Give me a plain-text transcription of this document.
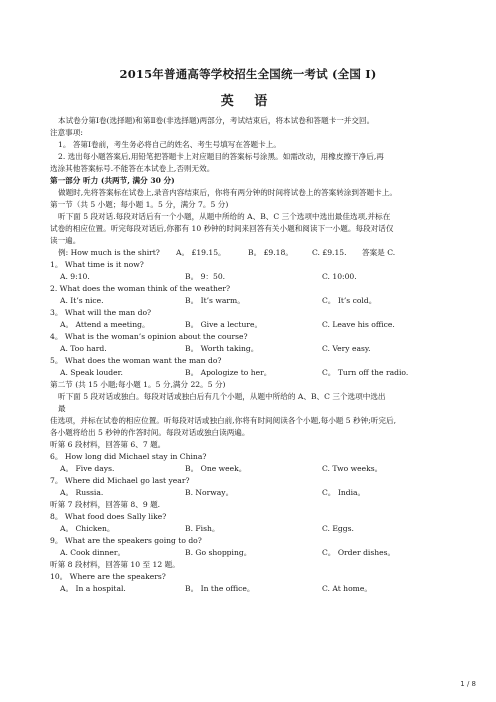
2015年普通高等学校招生全国统一考试 (全国 I)
英 语
本试卷分第Ⅰ卷(选择题)和第Ⅱ卷(非选择题)两部分，考试结束后，将本试卷和答题卡一并交回。
注意事项:
1。 答第Ⅰ卷前，考生务必将自己的姓名、考生号填写在答题卡上。
2. 选出每小题答案后,用铅笔把答题卡上对应题目的答案标号涂黑。如需改动，用橡皮擦干净后,再
选涂其他答案标号.不能答在本试卷上,否则无效。
第一部分 听力 (共两节, 满分 30 分)
做题时,先将答案标在试卷上,录音内容结束后，你将有两分钟的时间将试卷上的答案转涂到答题卡上。
第一节（共 5 小题；每小题 1。5 分，满分 7。5 分)
听下面 5 段对话.每段对话后有一个小题，从题中所给的 A、B、C 三个选项中选出最佳选项,并标在
试卷的相应位置。听完每段对话后,你都有 10 秒钟的时间来回答有关小题和阅读下一小题。每段对话仅
读一遍。
例: How much is the shirt? A。 £19.15。	B。 £9.18。	C. £9.15. 答案是 C.
1。 What time is it now?
A. 9:10.	B。 9：50.	C. 10:00.
2. What does the woman think of the weather?
A. It’s nice.	B。 It’s warm。	C。 It’s cold。
3。 What will the man do?
A。 Attend a meeting。	B。 Give a lecture。	C. Leave his office.
4。 What is the woman’s opinion about the course?
A. Too hard.	B。 Worth taking。	C. Very easy.
5。 What does the woman want the man do?
A. Speak louder.	B。 Apologize to her。	C。 Turn off the radio.
第二节 (共 15 小题;每小题 1。5 分,满分 22。5 分)
听下面 5 段对话或独白。每段对话或独白后有几个小题，从题中所给的 A、B、C 三个选项中选出
最
佳选项，并标在试卷的相应位置。听每段对话或独白前,你将有时间阅读各个小题,每小题 5 秒钟;听完后,
各小题将给出 5 秒钟的作答时间。每段对话或独白读两遍。
听第 6 段材料，回答第 6、7 题。
6。 How long did Michael stay in China?
A。 Five days.	B。 One week。	C. Two weeks。
7。 Where did Michael go last year?
A。 Russia.	B. Norway。	C。 India。
听第 7 段材料，回答第 8、9 题.
8。 What food does Sally like?
A。 Chicken。	B. Fish。	C. Eggs.
9。 What are the speakers going to do?
A. Cook dinner。	B. Go shopping。	C。 Order dishes。
听第 8 段材料，回答第 10 至 12 题。
10。 Where are the speakers?
A。 In a hospital.	B。 In the office。	C. At home。
1 / 8
